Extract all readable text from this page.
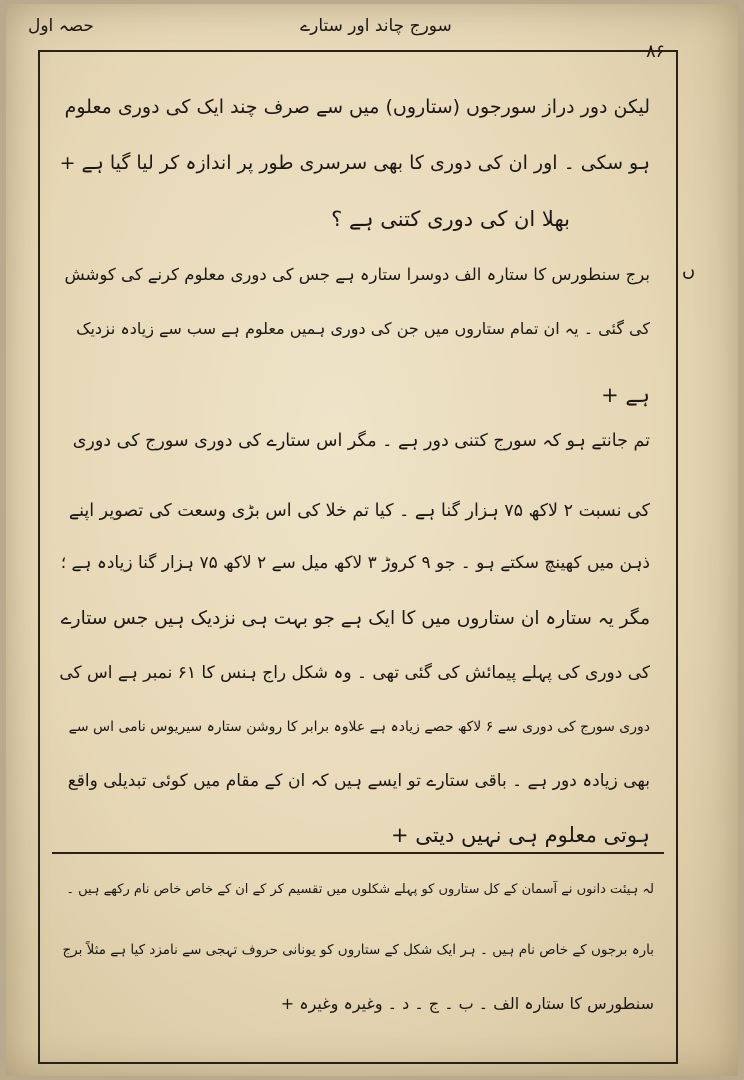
سورج چاند اور ستارے
حصہ اول
۸۶
ں
لیکن دور دراز سورجوں (ستاروں) میں سے صرف چند ایک کی دوری معلوم
ہو سکی ۔ اور ان کی دوری کا بھی سرسری طور پر اندازہ کر لیا گیا ہے +
بھلا ان کی دوری کتنی ہے ؟
برج سنطورس کا ستارہ الف دوسرا ستارہ ہے جس کی دوری معلوم کرنے کی کوشش
کی گئی ۔ یہ ان تمام ستاروں میں جن کی دوری ہمیں معلوم ہے سب سے زیادہ نزدیک
ہے +
تم جانتے ہو کہ سورج کتنی دور ہے ۔ مگر اس ستارے کی دوری سورج کی دوری
کی نسبت ۲ لاکھ ۷۵ ہزار گنا ہے ۔ کیا تم خلا کی اس بڑی وسعت کی تصویر اپنے
ذہن میں کھینچ سکتے ہو ۔ جو ۹ کروڑ ۳ لاکھ میل سے ۲ لاکھ ۷۵ ہزار گنا زیادہ ہے ؛
مگر یہ ستارہ ان ستاروں میں کا ایک ہے جو بہت ہی نزدیک ہیں جس ستارے
کی دوری کی پہلے پیمائش کی گئی تھی ۔ وہ شکل راج ہنس کا ۶۱ نمبر ہے اس کی
دوری سورج کی دوری سے ۶ لاکھ حصے زیادہ ہے علاوہ برابر کا روشن ستارہ سیریوس نامی اس سے
بھی زیادہ دور ہے ۔ باقی ستارے تو ایسے ہیں کہ ان کے مقام میں کوئی تبدیلی واقع
ہوتی معلوم ہی نہیں دیتی +
لہ ہیئت دانوں نے آسمان کے کل ستاروں کو پہلے شکلوں میں تقسیم کر کے ان کے خاص خاص نام رکھے ہیں ۔
بارہ برجوں کے خاص نام ہیں ۔ ہر ایک شکل کے ستاروں کو یونانی حروف تہجی سے نامزد کیا ہے مثلاً برج
سنطورس کا ستارہ الف ۔ ب ۔ ج ۔ د ۔ وغیرہ وغیرہ +
